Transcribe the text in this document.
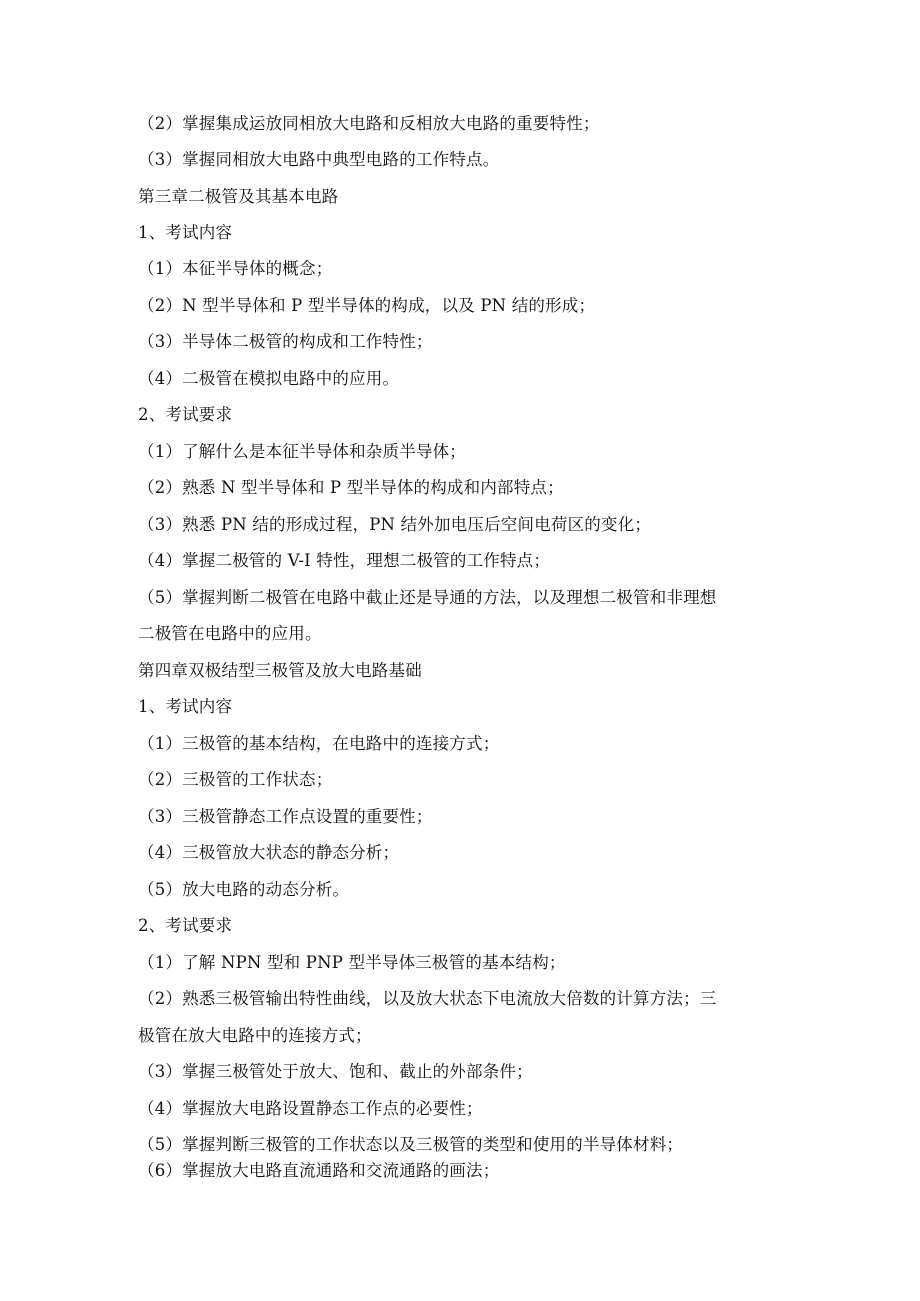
（2）掌握集成运放同相放大电路和反相放大电路的重要特性；
（3）掌握同相放大电路中典型电路的工作特点。
第三章二极管及其基本电路
1、考试内容
（1）本征半导体的概念；
（2）N 型半导体和 P 型半导体的构成，以及 PN 结的形成；
（3）半导体二极管的构成和工作特性；
（4）二极管在模拟电路中的应用。
2、考试要求
（1）了解什么是本征半导体和杂质半导体；
（2）熟悉 N 型半导体和 P 型半导体的构成和内部特点；
（3）熟悉 PN 结的形成过程，PN 结外加电压后空间电荷区的变化；
（4）掌握二极管的 V-I 特性，理想二极管的工作特点；
（5）掌握判断二极管在电路中截止还是导通的方法，以及理想二极管和非理想
二极管在电路中的应用。
第四章双极结型三极管及放大电路基础
1、考试内容
（1）三极管的基本结构，在电路中的连接方式；
（2）三极管的工作状态；
（3）三极管静态工作点设置的重要性；
（4）三极管放大状态的静态分析；
（5）放大电路的动态分析。
2、考试要求
（1）了解 NPN 型和 PNP 型半导体三极管的基本结构；
（2）熟悉三极管输出特性曲线，以及放大状态下电流放大倍数的计算方法；三
极管在放大电路中的连接方式；
（3）掌握三极管处于放大、饱和、截止的外部条件；
（4）掌握放大电路设置静态工作点的必要性；
（5）掌握判断三极管的工作状态以及三极管的类型和使用的半导体材料；
（6）掌握放大电路直流通路和交流通路的画法；
